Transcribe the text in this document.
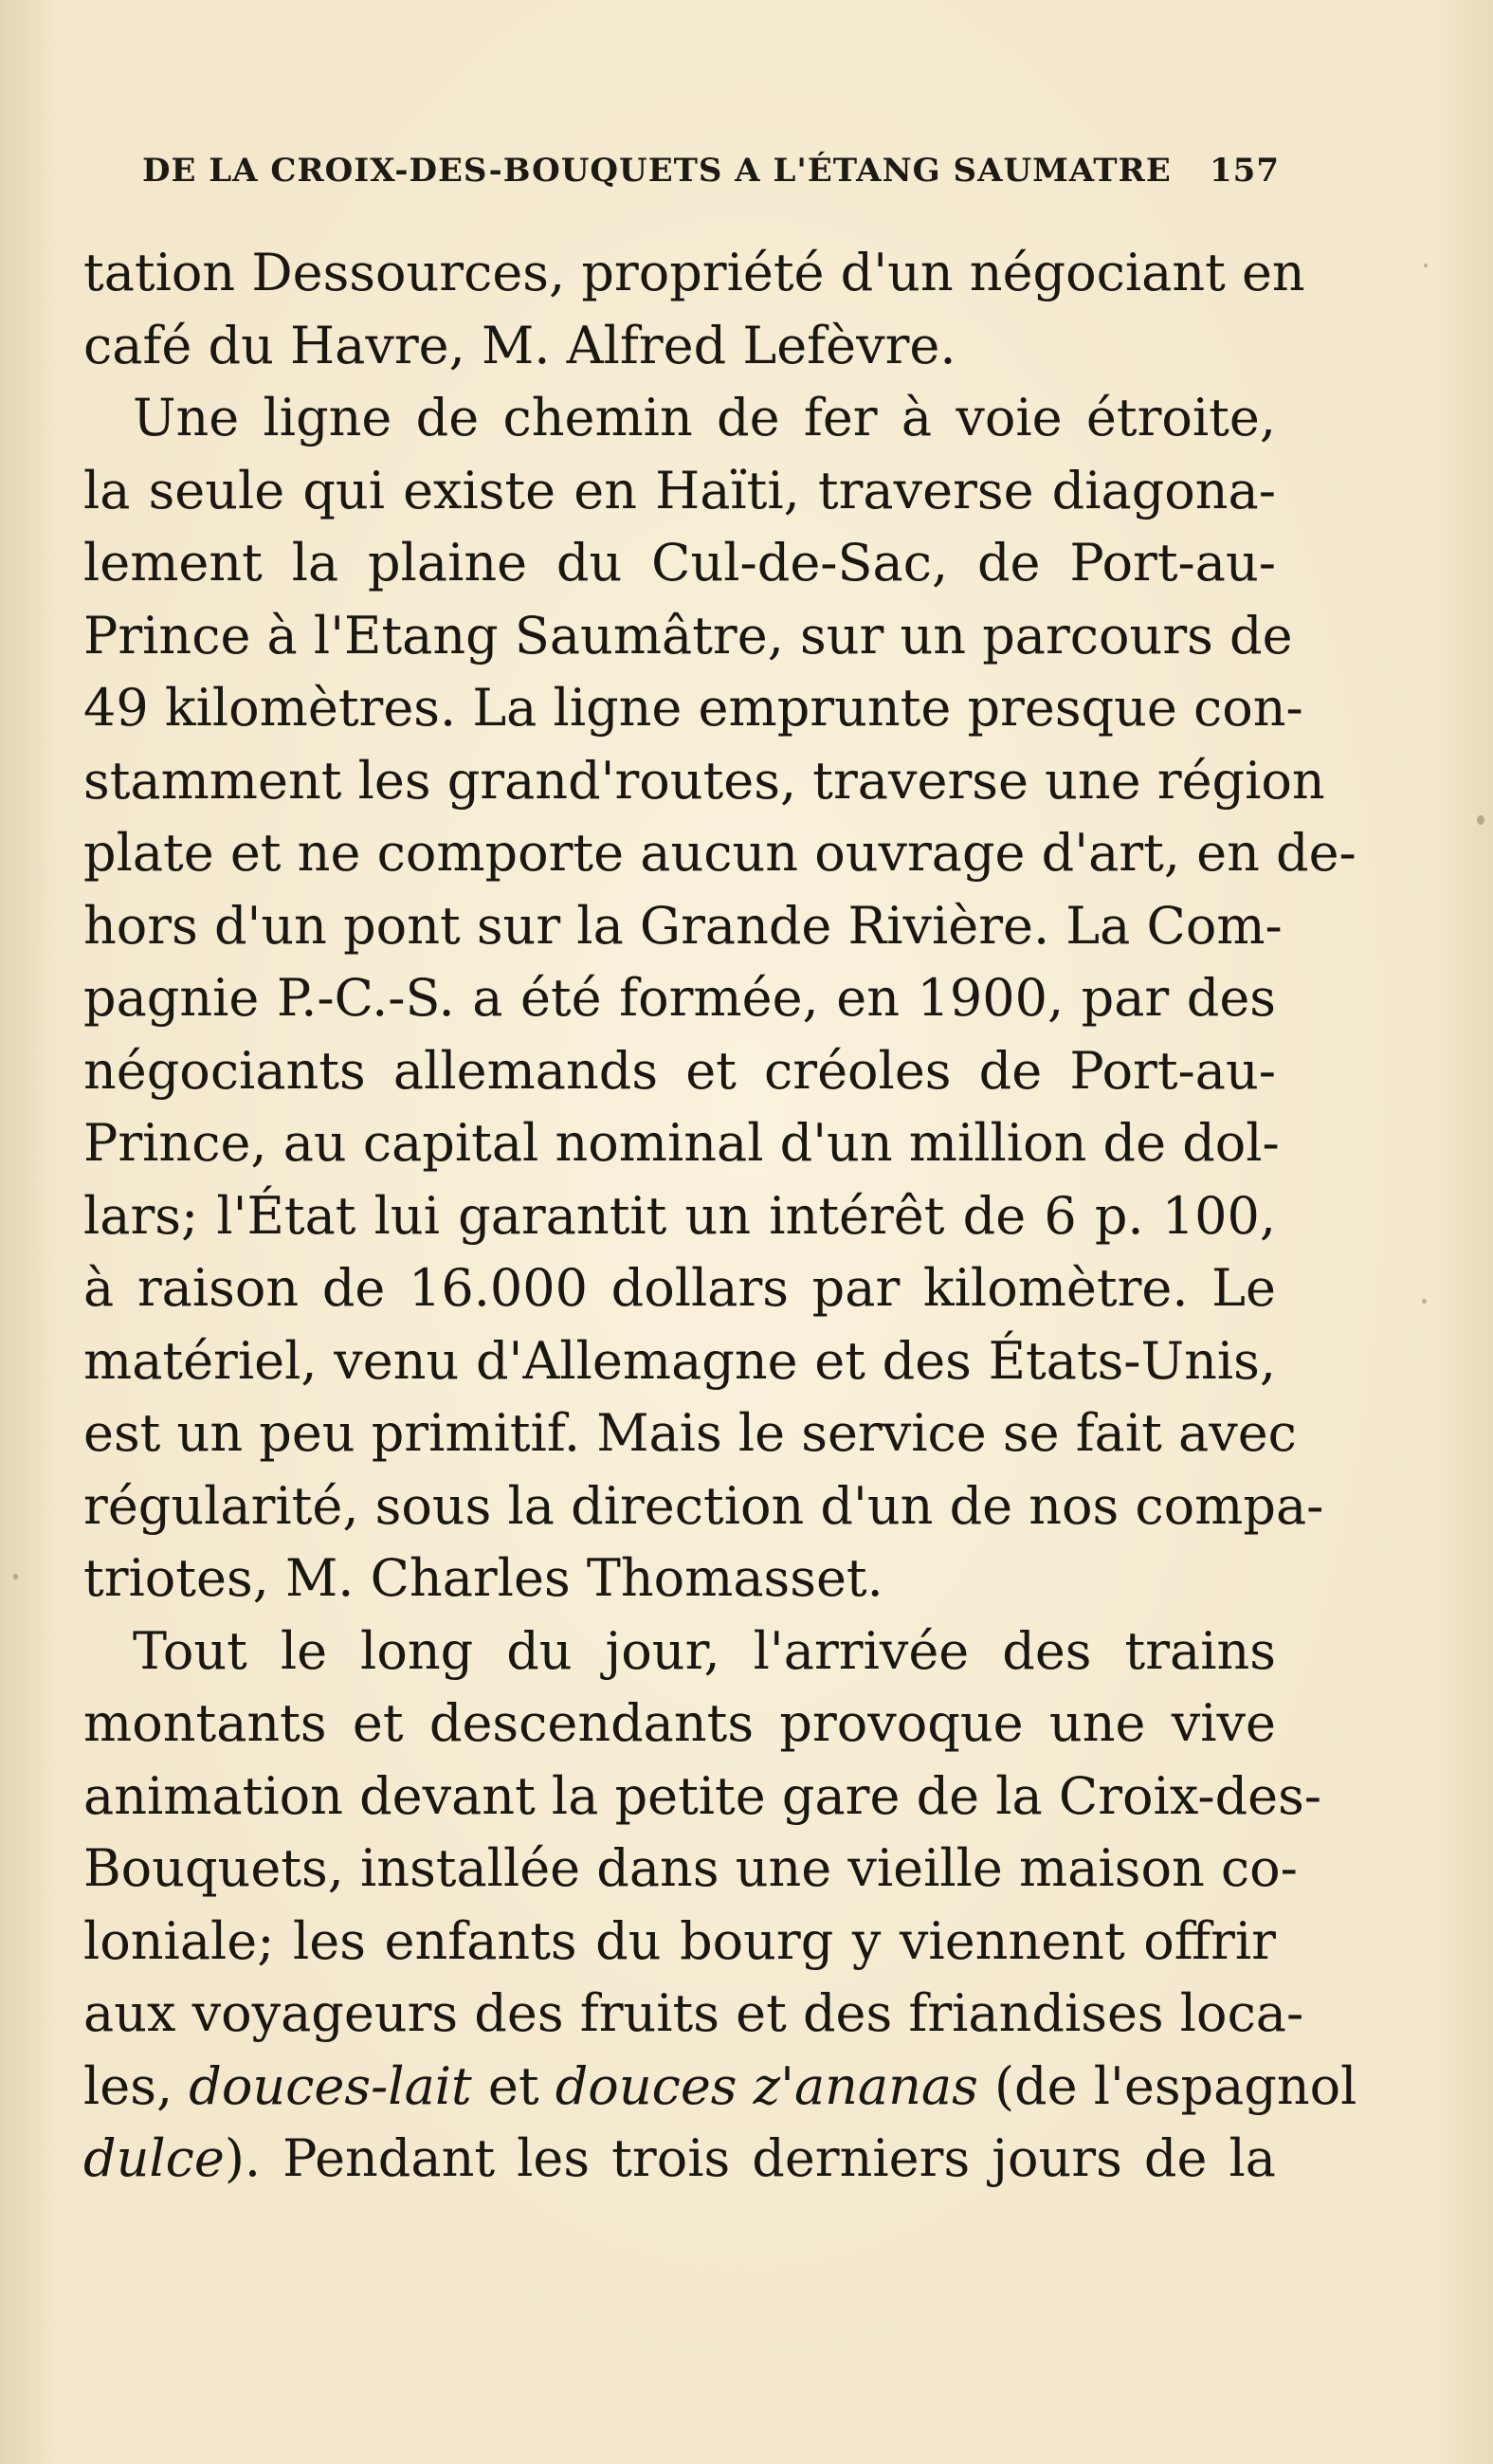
DE LA CROIX-DES-BOUQUETS A L'ÉTANG SAUMATRE 157
tation Dessources, propriété d'un négociant en
café du Havre, M. Alfred Lefèvre.
Une ligne de chemin de fer à voie étroite,
la seule qui existe en Haïti, traverse diagona-
lement la plaine du Cul-de-Sac, de Port-au-
Prince à l'Etang Saumâtre, sur un parcours de
49 kilomètres. La ligne emprunte presque con-
stamment les grand'routes, traverse une région
plate et ne comporte aucun ouvrage d'art, en de-
hors d'un pont sur la Grande Rivière. La Com-
pagnie P.-C.-S. a été formée, en 1900, par des
négociants allemands et créoles de Port-au-
Prince, au capital nominal d'un million de dol-
lars; l'État lui garantit un intérêt de 6 p. 100,
à raison de 16.000 dollars par kilomètre. Le
matériel, venu d'Allemagne et des États-Unis,
est un peu primitif. Mais le service se fait avec
régularité, sous la direction d'un de nos compa-
triotes, M. Charles Thomasset.
Tout le long du jour, l'arrivée des trains
montants et descendants provoque une vive
animation devant la petite gare de la Croix-des-
Bouquets, installée dans une vieille maison co-
loniale; les enfants du bourg y viennent offrir
aux voyageurs des fruits et des friandises loca-
les, douces-lait et douces z'ananas (de l'espagnol
dulce). Pendant les trois derniers jours de la
